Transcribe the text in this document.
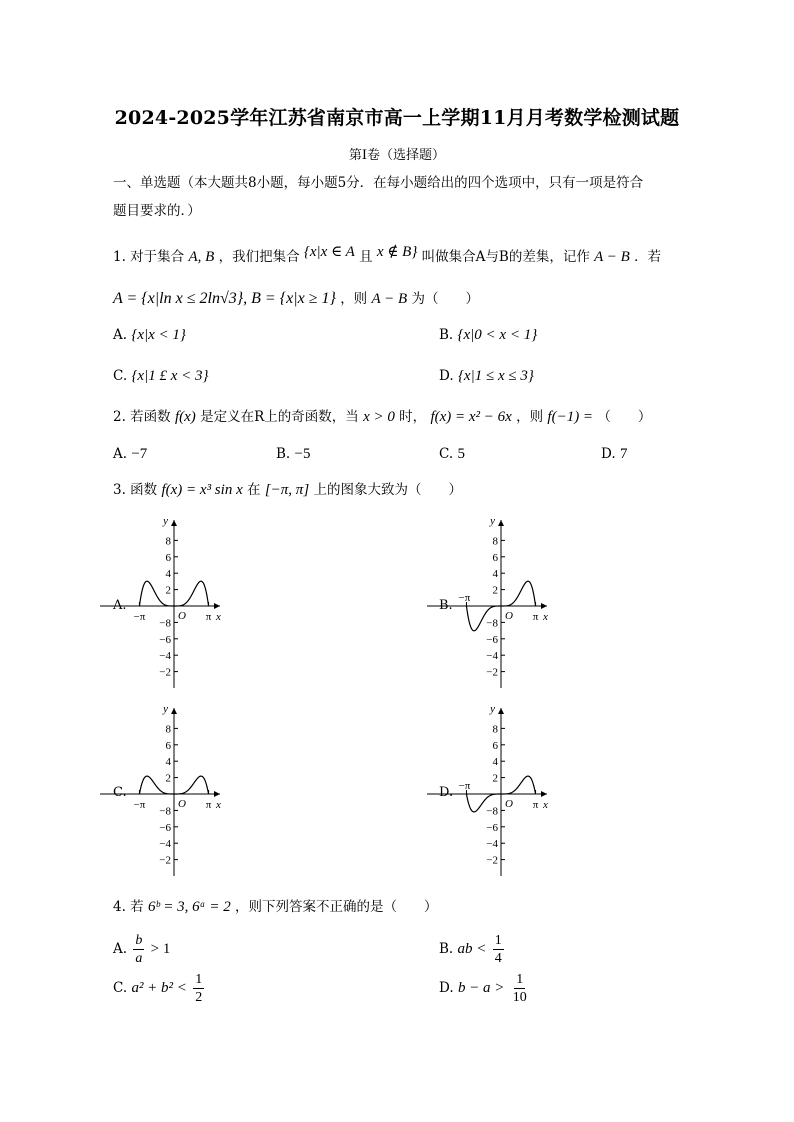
2024-2025学年江苏省南京市高一上学期11月月考数学检测试题
第I卷（选择题）
一、单选题（本大题共8小题，每小题5分．在每小题给出的四个选项中，只有一项是符合
题目要求的．）
1. 对于集合 A, B ，我们把集合 {x|x ∈ A 且 x ∉ B} 叫做集合A与B的差集，记作 A − B ．若
A = {x|ln x ≤ 2ln√3}, B = {x|x ≥ 1} ，则 A − B 为（　　）
A. {x|x < 1}	B. {x|0 < x < 1}
C. {x|1 £ x < 3}	D. {x|1 ≤ x ≤ 3}
2. 若函数 f(x) 是定义在R上的奇函数，当 x > 0 时， f(x) = x² − 6x ，则 f(−1) = （　　）
A. −7	B. −5	C. 5	D. 7
3. 函数 f(x) = x³ sin x 在 [−π, π] 上的图象大致为（　　）
A.	B.
C.	D.
y
x
O
8
6
4
2
−2
−4
−6
−8
π
−π
y
x
O
8
6
4
2
−2
−4
−6
−8
π
−π
y
x
O
8
6
4
2
−2
−4
−6
−8
π
−π
y
x
O
8
6
4
2
−2
−4
−6
−8
π
−π
4. 若 6ᵇ = 3, 6ᵃ = 2 ，则下列答案不正确的是（　　）
A. $\frac{b}{a} > 1$	B. ab < $\frac{1}{4}$
C. $a^2 + b^2 < \frac{1}{2}$	D. $b - a > \frac{1}{10}$
